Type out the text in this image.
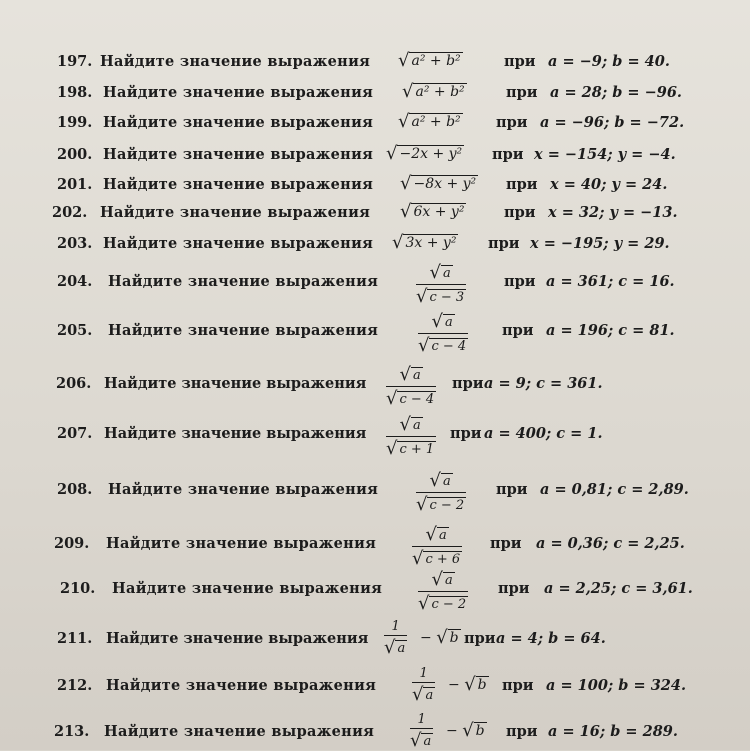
197. Найдите значение выражения √ a² + b²	при a = −9; b = 40.
198. Найдите значение выражения √ a² + b²	при a = 28; b = −96.
199. Найдите значение выражения √ a² + b² при a = −96; b = −72.
200. Найдите значение выражения √ −2x + y² при x = −154; y = −4.
201. Найдите значение выражения √ −8x + y² при x = 40; y = 24.
202. Найдите значение выражения √ 6x + y²	при x = 32; y = −13.
203. Найдите значение выражения √ 3x + y² при x = −195; y = 29.
204. Найдите значение выражения $\frac{√ a}{√ c - 3}$	при a = 361; c = 16.
205. Найдите значение выражения $\frac{√ a}{√ c - 4}$ при a = 196; c = 81.
206. Найдите значение выражения $\frac{√ a}{√ c - 4}$ при a = 9; c = 361.
207. Найдите значение выражения $\frac{√ a}{√ c + 1}$ при a = 400; c = 1.
208. Найдите значение выражения $\frac{√ a}{√ c - 2}$ при a = 0,81; c = 2,89.
209. Найдите значение выражения $\frac{√ a}{√ c + 6}$ при a = 0,36; c = 2,25.
210. Найдите значение выражения $\frac{√ a}{√ c - 2}$ при a = 2,25; c = 3,61.
211. Найдите значение выражения $\frac{1}{√ a}$ − √ b при a = 4; b = 64.
212. Найдите значение выражения	$\frac{1}{√ a}$ − √ b при a = 100; b = 324.
213. Найдите значение выражения	$\frac{1}{√ a}$ − √ b при a = 16; b = 289.
